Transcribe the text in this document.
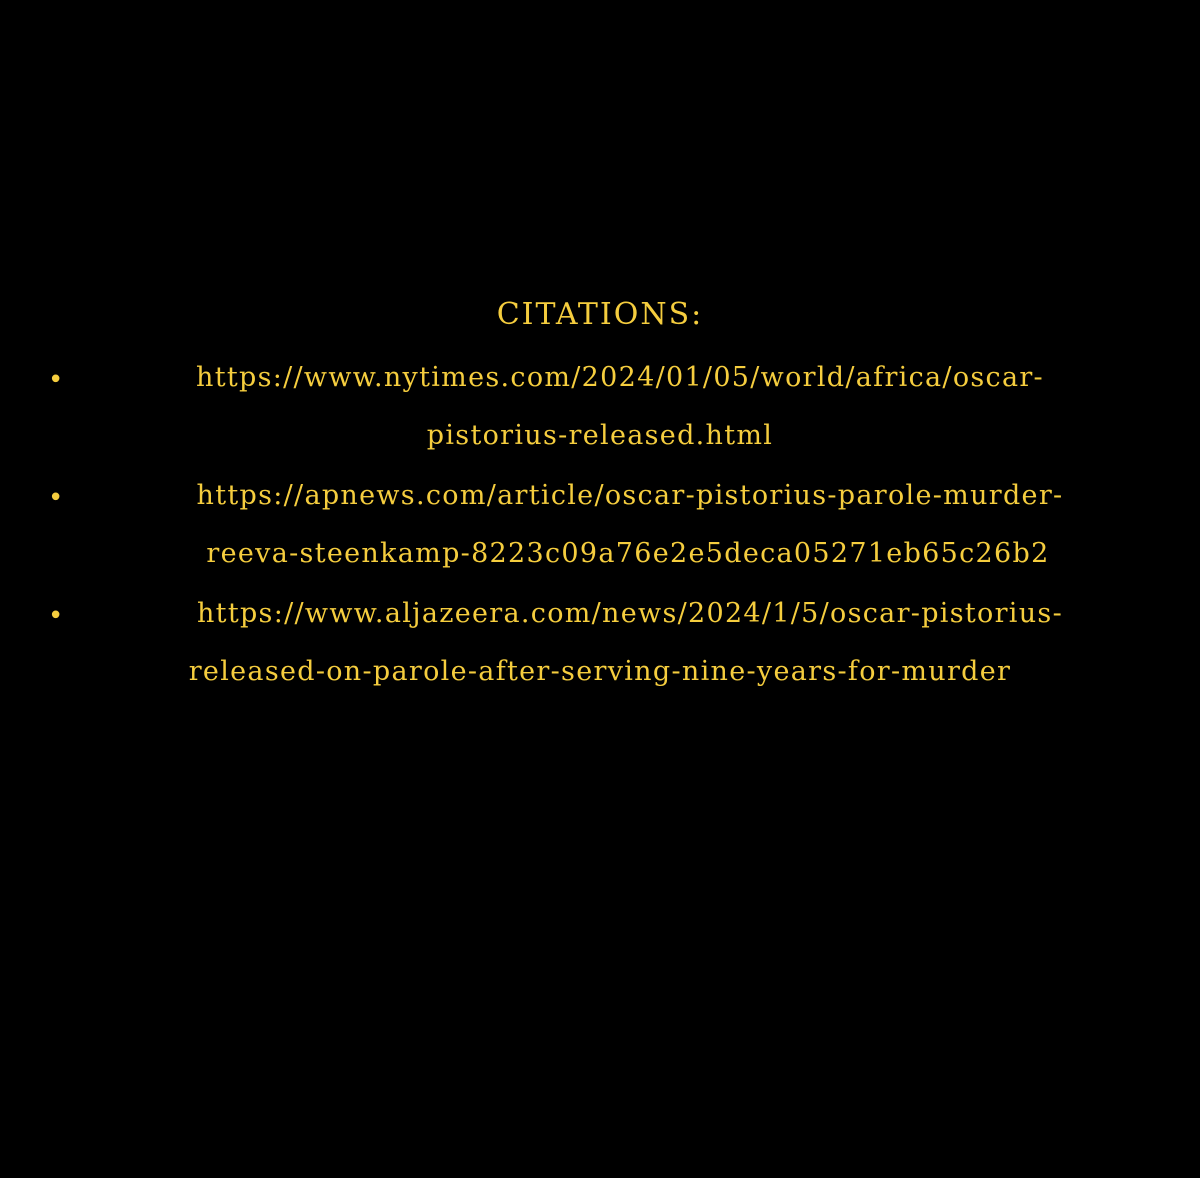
CITATIONS:
•	https://www.nytimes.com/2024/01/05/world/africa/oscar-
pistorius-released.html
•	https://apnews.com/article/oscar-pistorius-parole-murder-
reeva-steenkamp-8223c09a76e2e5deca05271eb65c26b2
•	https://www.aljazeera.com/news/2024/1/5/oscar-pistorius-
released-on-parole-after-serving-nine-years-for-murder
